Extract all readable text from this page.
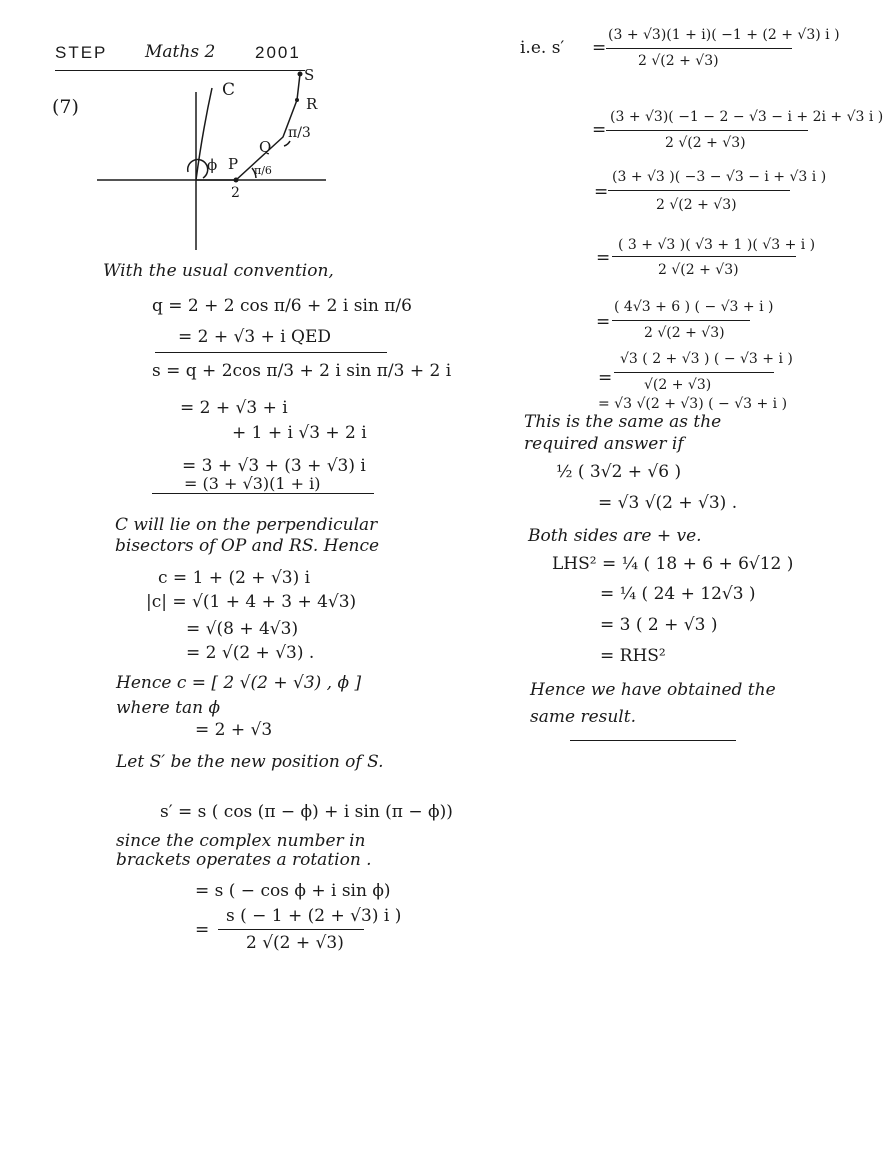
STEP Maths 2 2001
(7)
C
S
R
Q
P
ϕ
2
π/3
π/6
With the usual convention,
q = 2 + 2 cos π/6 + 2 i sin π/6
= 2 + √3 + i QED
s = q + 2cos π/3 + 2 i sin π/3 + 2 i
= 2 + √3 + i
+ 1 + i √3 + 2 i
= 3 + √3 + (3 + √3) i
= (3 + √3)(1 + i)
C will lie on the perpendicular
bisectors of OP and RS. Hence
c = 1 + (2 + √3) i
|c| = √(1 + 4 + 3 + 4√3)
= √(8 + 4√3)
= 2 √(2 + √3) .
Hence c = [ 2 √(2 + √3) , ϕ ]
where tan ϕ
= 2 + √3
Let S′ be the new position of S.
s′ = s ( cos (π − ϕ) + i sin (π − ϕ))
since the complex number in
brackets operates a rotation .
= s ( − cos ϕ + i sin ϕ)
=
s ( − 1 + (2 + √3) i )
2 √(2 + √3)
i.e. s′ =
(3 + √3)(1 + i)( −1 + (2 + √3) i )
2 √(2 + √3)
=
(3 + √3)( −1 − 2 − √3 − i + 2i + √3 i )
2 √(2 + √3)
=
(3 + √3 )( −3 − √3 − i + √3 i )
2 √(2 + √3)
=
( 3 + √3 )( √3 + 1 )( √3 + i )
2 √(2 + √3)
=
( 4√3 + 6 ) ( − √3 + i )
2 √(2 + √3)
=
√3 ( 2 + √3 ) ( − √3 + i )
√(2 + √3)
= √3 √(2 + √3) ( − √3 + i )
This is the same as the
required answer if
½ ( 3√2 + √6 )
= √3 √(2 + √3) .
Both sides are + ve.
LHS² = ¼ ( 18 + 6 + 6√12 )
= ¼ ( 24 + 12√3 )
= 3 ( 2 + √3 )
= RHS²
Hence we have obtained the
same result.
